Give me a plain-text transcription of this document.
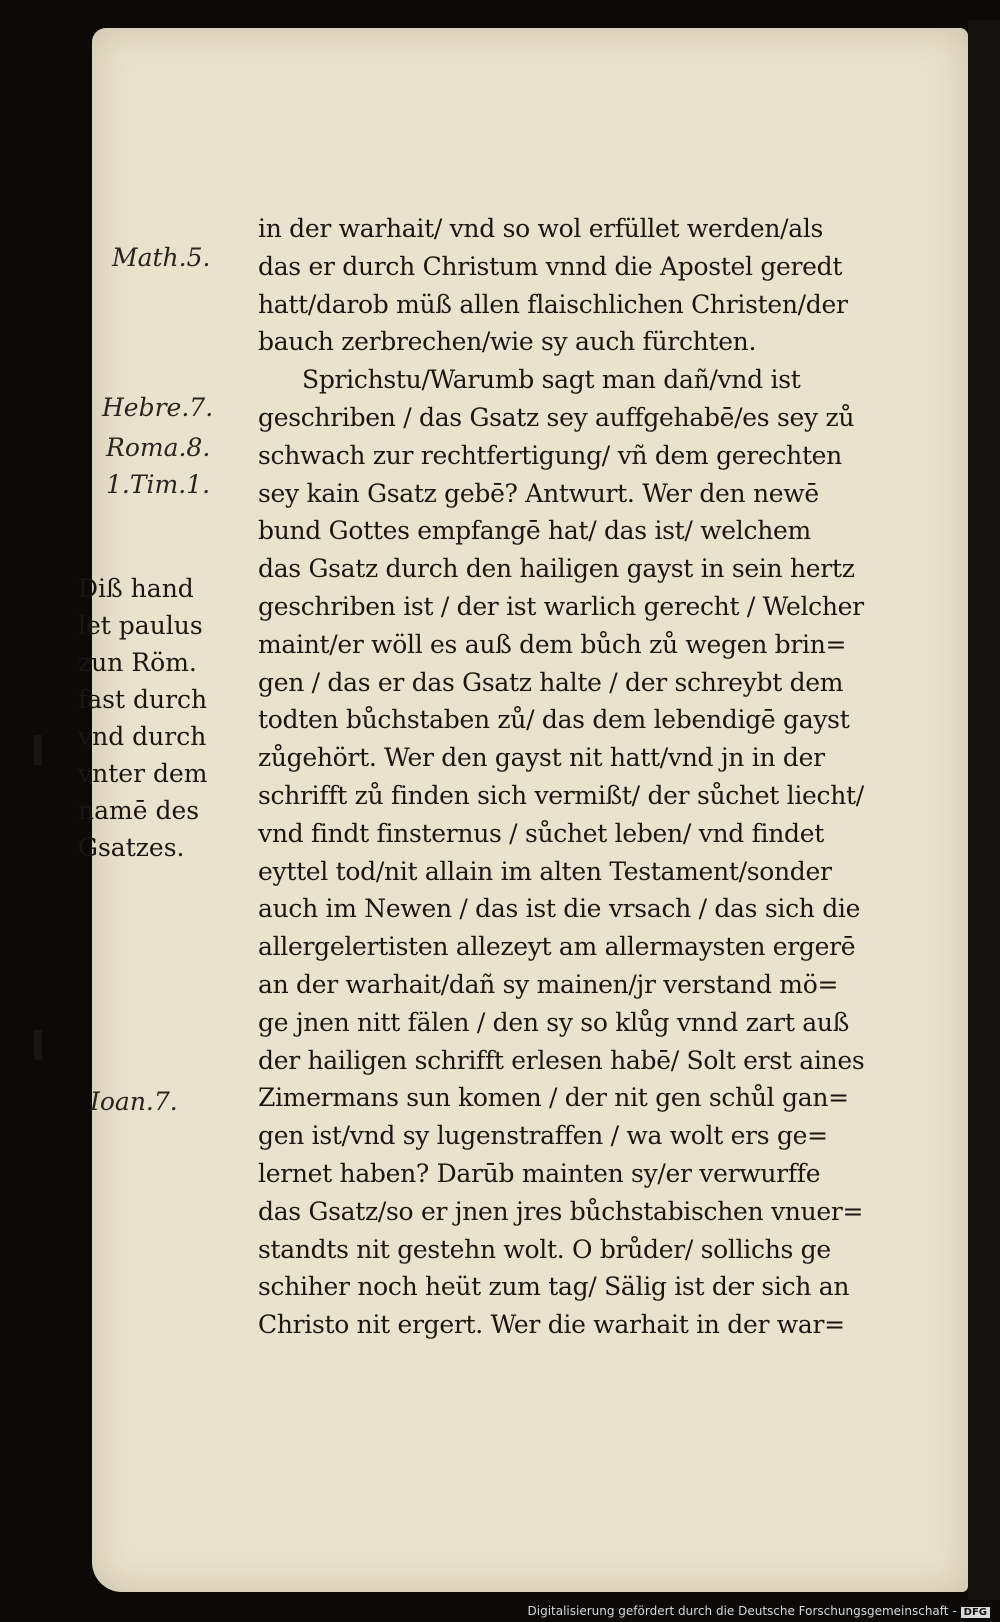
in der warhait/ vnd so wol erfüllet werden/als
das er durch Christum vnnd die Apostel geredt
hatt/darob müß allen flaischlichen Christen/der
bauch zerbrechen/wie sy auch fürchten.
Sprichstu/Warumb sagt man dañ/vnd ist
geschriben / das Gsatz sey auffgehabē/es sey zů
schwach zur rechtfertigung/ vñ dem gerechten
sey kain Gsatz gebē? Antwurt. Wer den newē
bund Gottes empfangē hat/ das ist/ welchem
das Gsatz durch den hailigen gayst in sein hertz
geschriben ist / der ist warlich gerecht / Welcher
maint/er wöll es auß dem bůch zů wegen brin=
gen / das er das Gsatz halte / der schreybt dem
todten bůchstaben zů/ das dem lebendigē gayst
zůgehört. Wer den gayst nit hatt/vnd jn in der
schrifft zů finden sich vermißt/ der sůchet liecht/
vnd findt finsternus / sůchet leben/ vnd findet
eyttel tod/nit allain im alten Testament/sonder
auch im Newen / das ist die vrsach / das sich die
allergelertisten allezeyt am allermaysten ergerē
an der warhait/dañ sy mainen/jr verstand mö=
ge jnen nitt fälen / den sy so klůg vnnd zart auß
der hailigen schrifft erlesen habē/ Solt erst aines
Zimermans sun komen / der nit gen schůl gan=
gen ist/vnd sy lugenstraffen / wa wolt ers ge=
lernet haben? Darūb mainten sy/er verwurffe
das Gsatz/so er jnen jres bůchstabischen vnuer=
standts nit gestehn wolt. O brůder/ sollichs ge
schiher noch heüt zum tag/ Sälig ist der sich an
Christo nit ergert. Wer die warhait in der war=
Math.5.
Hebre.7.
Roma.8.
1.Tim.1.
Ioan.7.
Diß hand
let paulus
zun Röm.
fast durch
vnd durch
vnter dem
namē des
Gsatzes.
Digitalisierung gefördert durch die Deutsche Forschungsgemeinschaft - DFG
